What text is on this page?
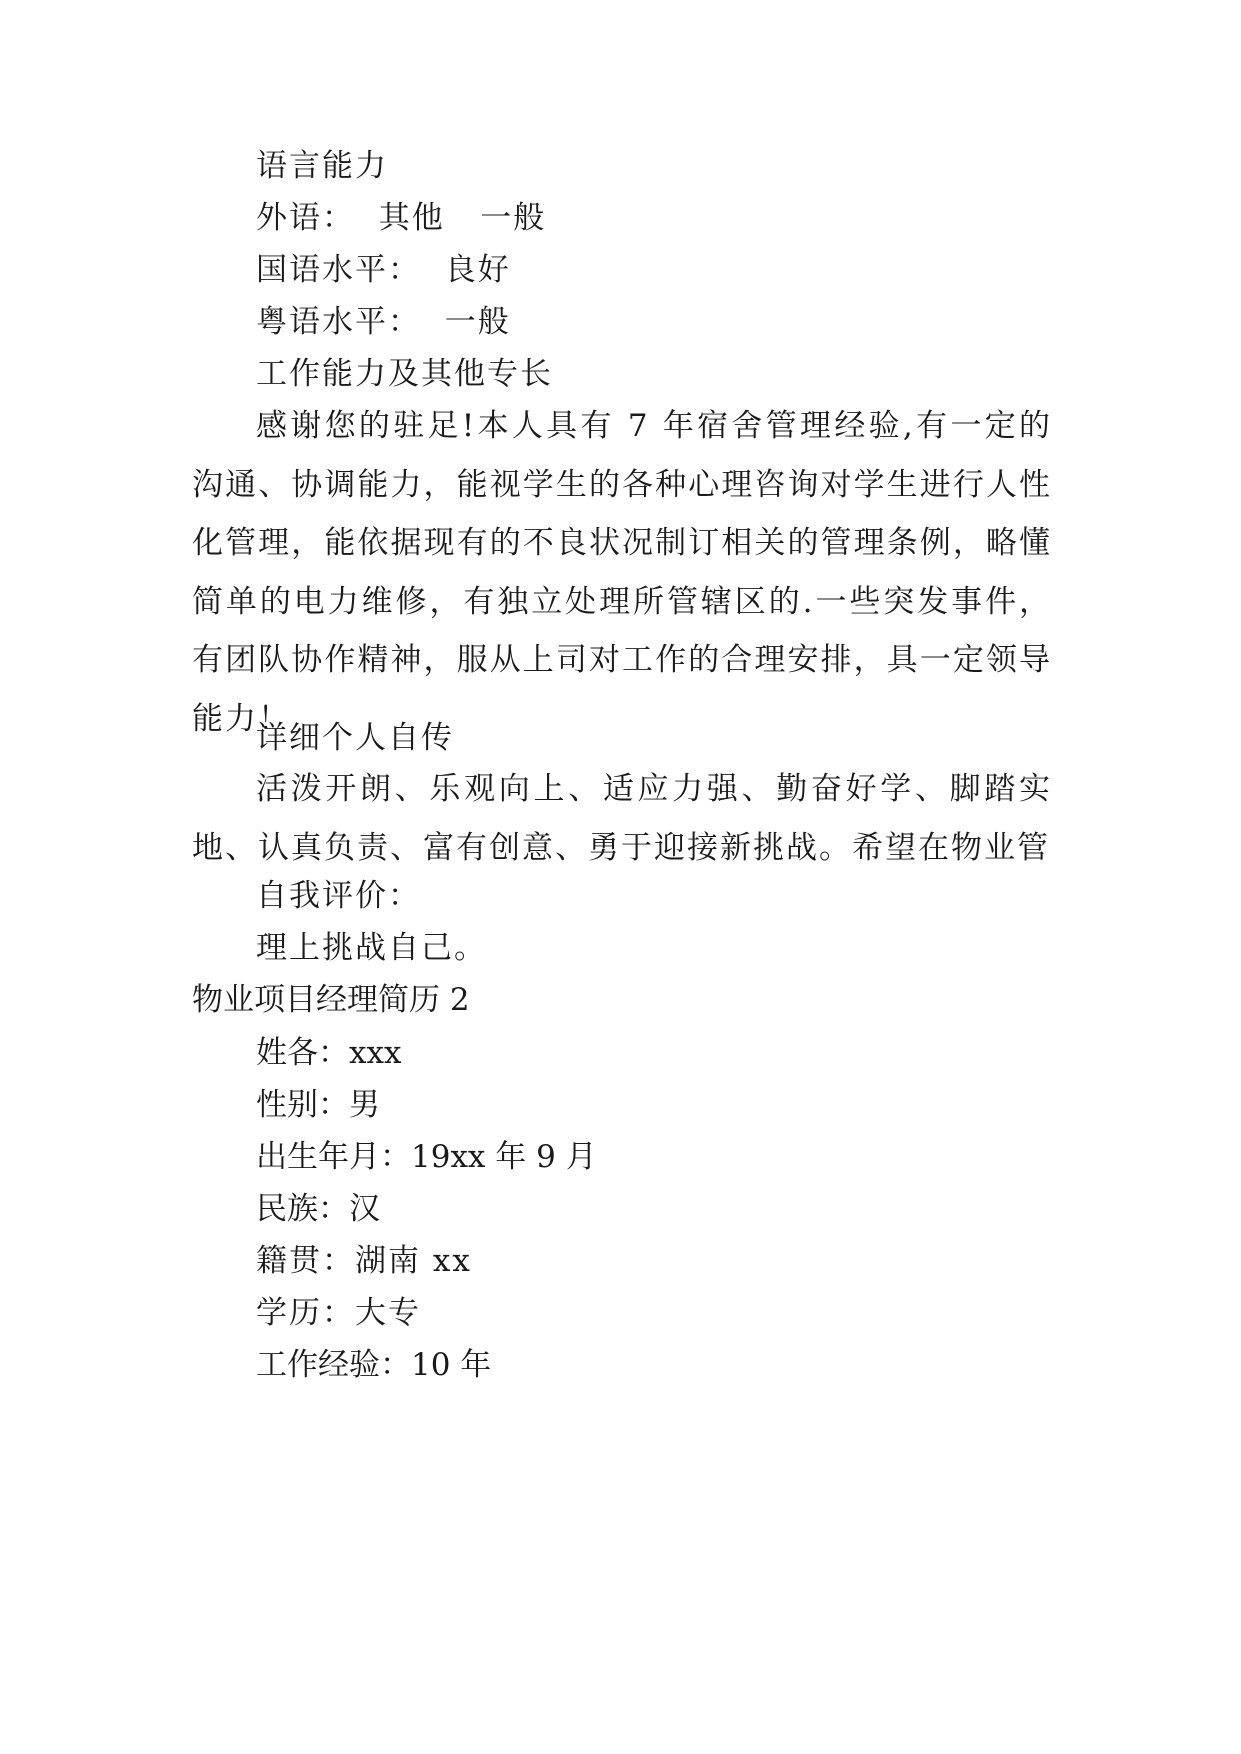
语言能力

外语：  其他   一般

国语水平：  良好

粤语水平：  一般

工作能力及其他专长

感谢您的驻足!本人具有 7 年宿舍管理经验,有一定的沟通、协调能力，能视学生的各种心理咨询对学生进行人性化管理，能依据现有的不良状况制订相关的管理条例，略懂简单的电力维修，有独立处理所管辖区的.一些突发事件，有团队协作精神，服从上司对工作的合理安排，具一定领导能力！

详细个人自传

活泼开朗、乐观向上、适应力强、勤奋好学、脚踏实地、认真负责、富有创意、勇于迎接新挑战。希望在物业管

自我评价：

理上挑战自己。

物业项目经理简历 2

姓各：xxx

性别：男

出生年月：19xx 年 9 月

民族：汉

籍贯：湖南 xx

学历：大专

工作经验：10 年
